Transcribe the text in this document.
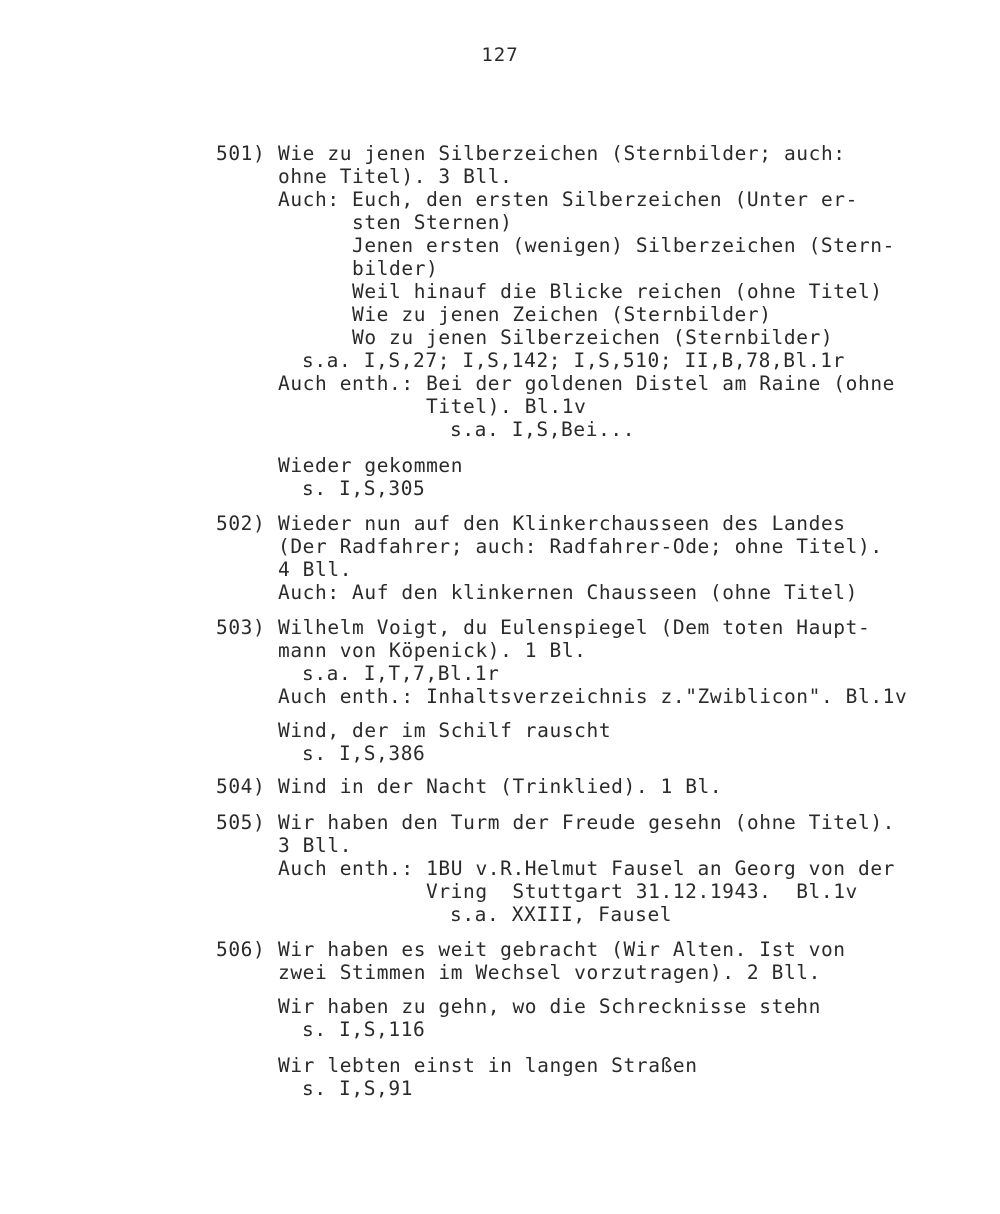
127
501) Wie zu jenen Silberzeichen (Sternbilder; auch:
ohne Titel). 3 Bll.
Auch: Euch, den ersten Silberzeichen (Unter er-
sten Sternen)
Jenen ersten (wenigen) Silberzeichen (Stern-
bilder)
Weil hinauf die Blicke reichen (ohne Titel)
Wie zu jenen Zeichen (Sternbilder)
Wo zu jenen Silberzeichen (Sternbilder)
s.a. I,S,27; I,S,142; I,S,510; II,B,78,Bl.1r
Auch enth.: Bei der goldenen Distel am Raine (ohne
Titel). Bl.1v
s.a. I,S,Bei...
Wieder gekommen
s. I,S,305
502) Wieder nun auf den Klinkerchausseen des Landes
(Der Radfahrer; auch: Radfahrer-Ode; ohne Titel).
4 Bll.
Auch: Auf den klinkernen Chausseen (ohne Titel)
503) Wilhelm Voigt, du Eulenspiegel (Dem toten Haupt-
mann von Köpenick). 1 Bl.
s.a. I,T,7,Bl.1r
Auch enth.: Inhaltsverzeichnis z."Zwiblicon". Bl.1v
Wind, der im Schilf rauscht
s. I,S,386
504) Wind in der Nacht (Trinklied). 1 Bl.
505) Wir haben den Turm der Freude gesehn (ohne Titel).
3 Bll.
Auch enth.: 1BU v.R.Helmut Fausel an Georg von der
Vring  Stuttgart 31.12.1943.  Bl.1v
s.a. XXIII, Fausel
506) Wir haben es weit gebracht (Wir Alten. Ist von
zwei Stimmen im Wechsel vorzutragen). 2 Bll.
Wir haben zu gehn, wo die Schrecknisse stehn
s. I,S,116
Wir lebten einst in langen Straßen
s. I,S,91
